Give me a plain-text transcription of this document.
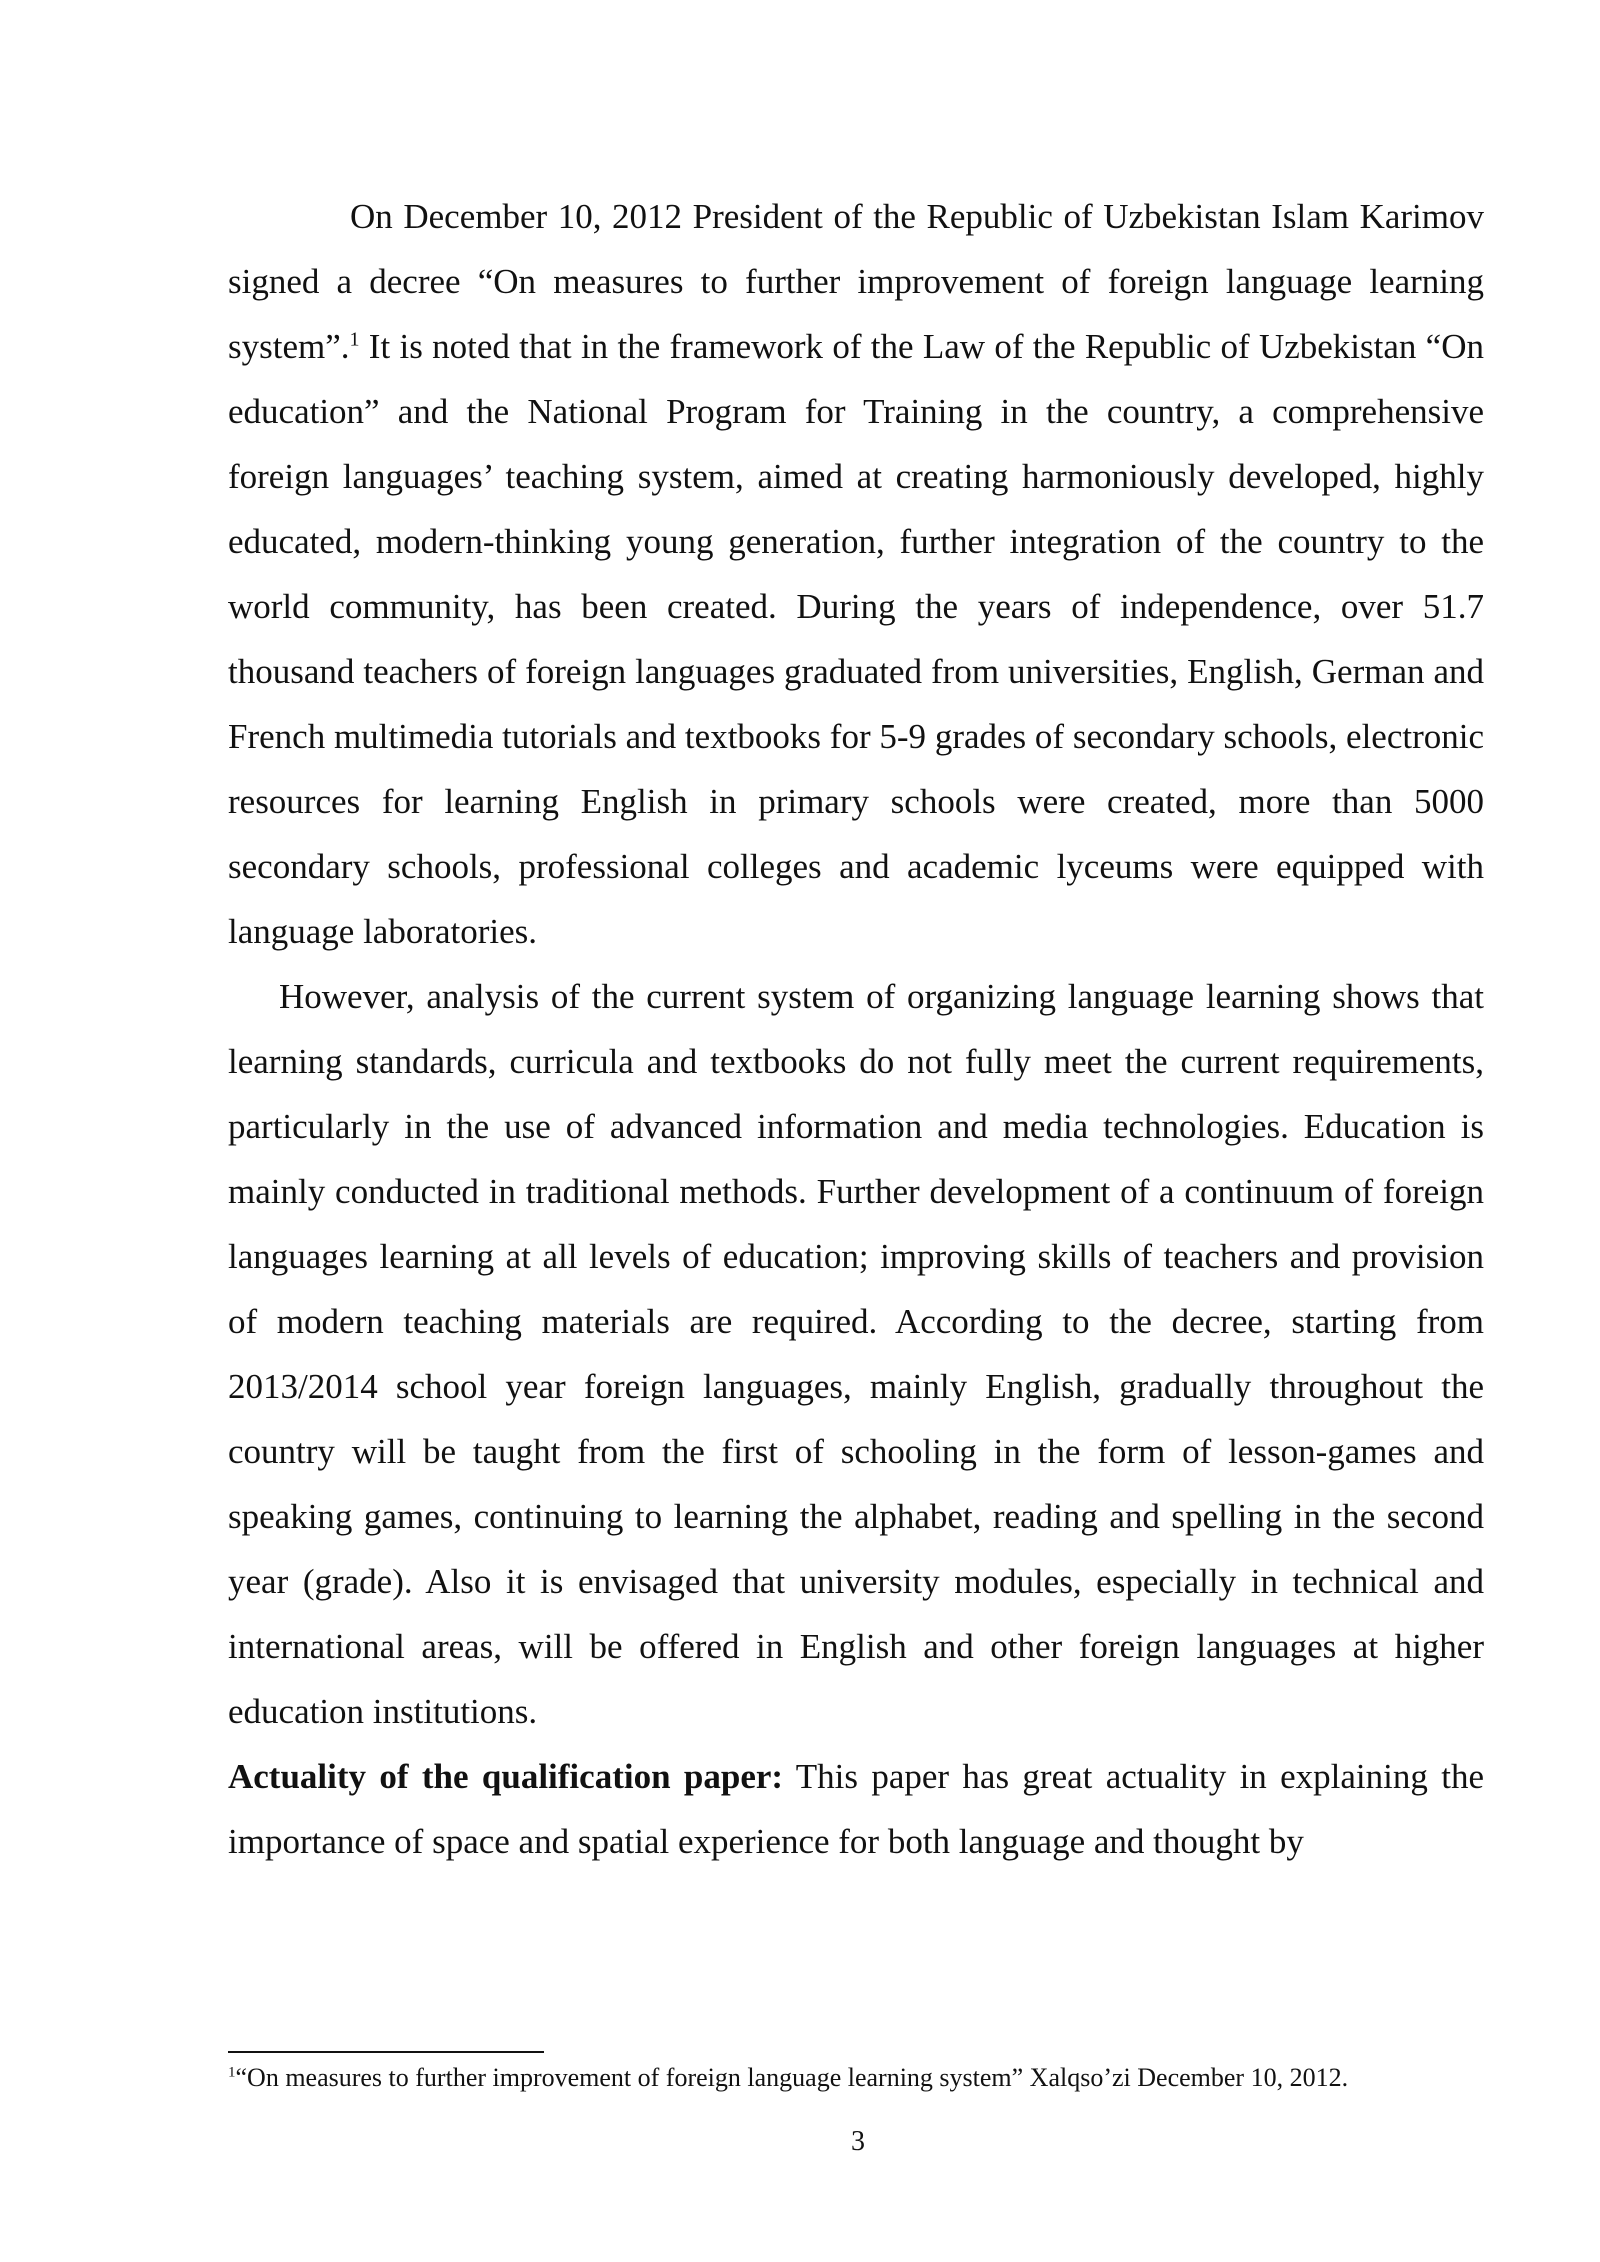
On December 10, 2012 President of the Republic of Uzbekistan Islam Karimov signed a decree “On measures to further improvement of foreign language learning system”.$^1$ It is noted that in the framework of the Law of the Republic of Uzbekistan “On education” and the National Program for Training in the country, a comprehensive foreign languages’ teaching system, aimed at creating harmoniously developed, highly educated, modern-thinking young generation, further integration of the country to the world community, has been created. During the years of independence, over 51.7 thousand teachers of foreign languages graduated from universities, English, German and French multimedia tutorials and textbooks for 5-9 grades of secondary schools, electronic resources for learning English in primary schools were created, more than 5000 secondary schools, professional colleges and academic lyceums were equipped with language laboratories.

However, analysis of the current system of organizing language learning shows that learning standards, curricula and textbooks do not fully meet the current requirements, particularly in the use of advanced information and media technologies. Education is mainly conducted in traditional methods. Further development of a continuum of foreign languages learning at all levels of education; improving skills of teachers and provision of modern teaching materials are required. According to the decree, starting from 2013/2014 school year foreign languages, mainly English, gradually throughout the country will be taught from the first of schooling in the form of lesson-games and speaking games, continuing to learning the alphabet, reading and spelling in the second year (grade). Also it is envisaged that university modules, especially in technical and international areas, will be offered in English and other foreign languages at higher education institutions.

Actuality of the qualification paper: This paper has great actuality in explaining the importance of space and spatial experience for both language and thought by

$^1$“On measures to further improvement of foreign language learning system” Xalqso’zi December 10, 2012.

3
